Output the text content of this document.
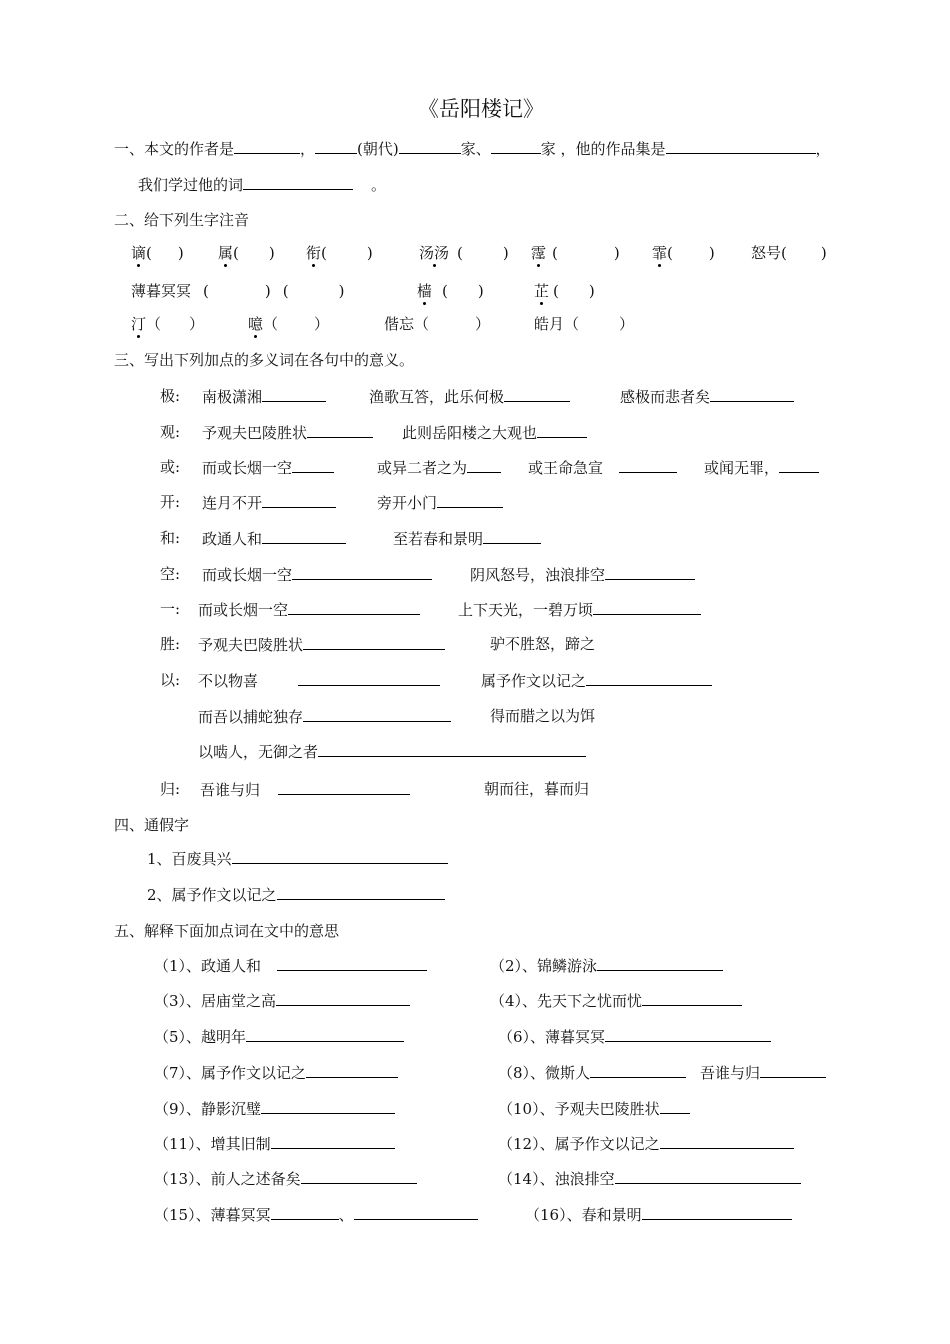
《岳阳楼记》
一、本文的作者是	，	(朝代)	家、	家 ，他的作品集是	，
我们学过他的词	。
二、给下列生字注音
谪( ) 属( ) 衔(	)	汤汤 (	) 霪 (	) 霏( ) 怒号( )
薄暮冥冥 (	) (	)	樯 ( )	芷 ( )
汀（ ）	噫（ ）	偕忘（	）	皓月（	）
三、写出下列加点的多义词在各句中的意义。
极: 南极潇湘	渔歌互答，此乐何极	感极而悲者矣
观: 予观夫巴陵胜状	此则岳阳楼之大观也
或: 而或长烟一空	或异二者之为	或王命急宣	或闻无罪，
开: 连月不开	旁开小门
和: 政通人和	至若春和景明
空: 而或长烟一空	阴风怒号，浊浪排空
一: 而或长烟一空	上下天光，一碧万顷
胜: 予观夫巴陵胜状	驴不胜怒，蹄之
以: 不以物喜	属予作文以记之
而吾以捕蛇独存	得而腊之以为饵
以啮人，无御之者
归: 吾谁与归	朝而往，暮而归
四、通假字
1、百废具兴
2、属予作文以记之
五、解释下面加点词在文中的意思
（1）、政通人和	（2）、锦鳞游泳
（3）、居庙堂之高	（4）、先天下之忧而忧
（5）、越明年	（6）、薄暮冥冥
（7）、属予作文以记之	（8）、微斯人	吾谁与归
（9）、静影沉璧	（10）、予观夫巴陵胜状
（11）、增其旧制	（12）、属予作文以记之
（13）、前人之述备矣	（14）、浊浪排空
（15）、薄暮冥冥	、	（16）、春和景明
